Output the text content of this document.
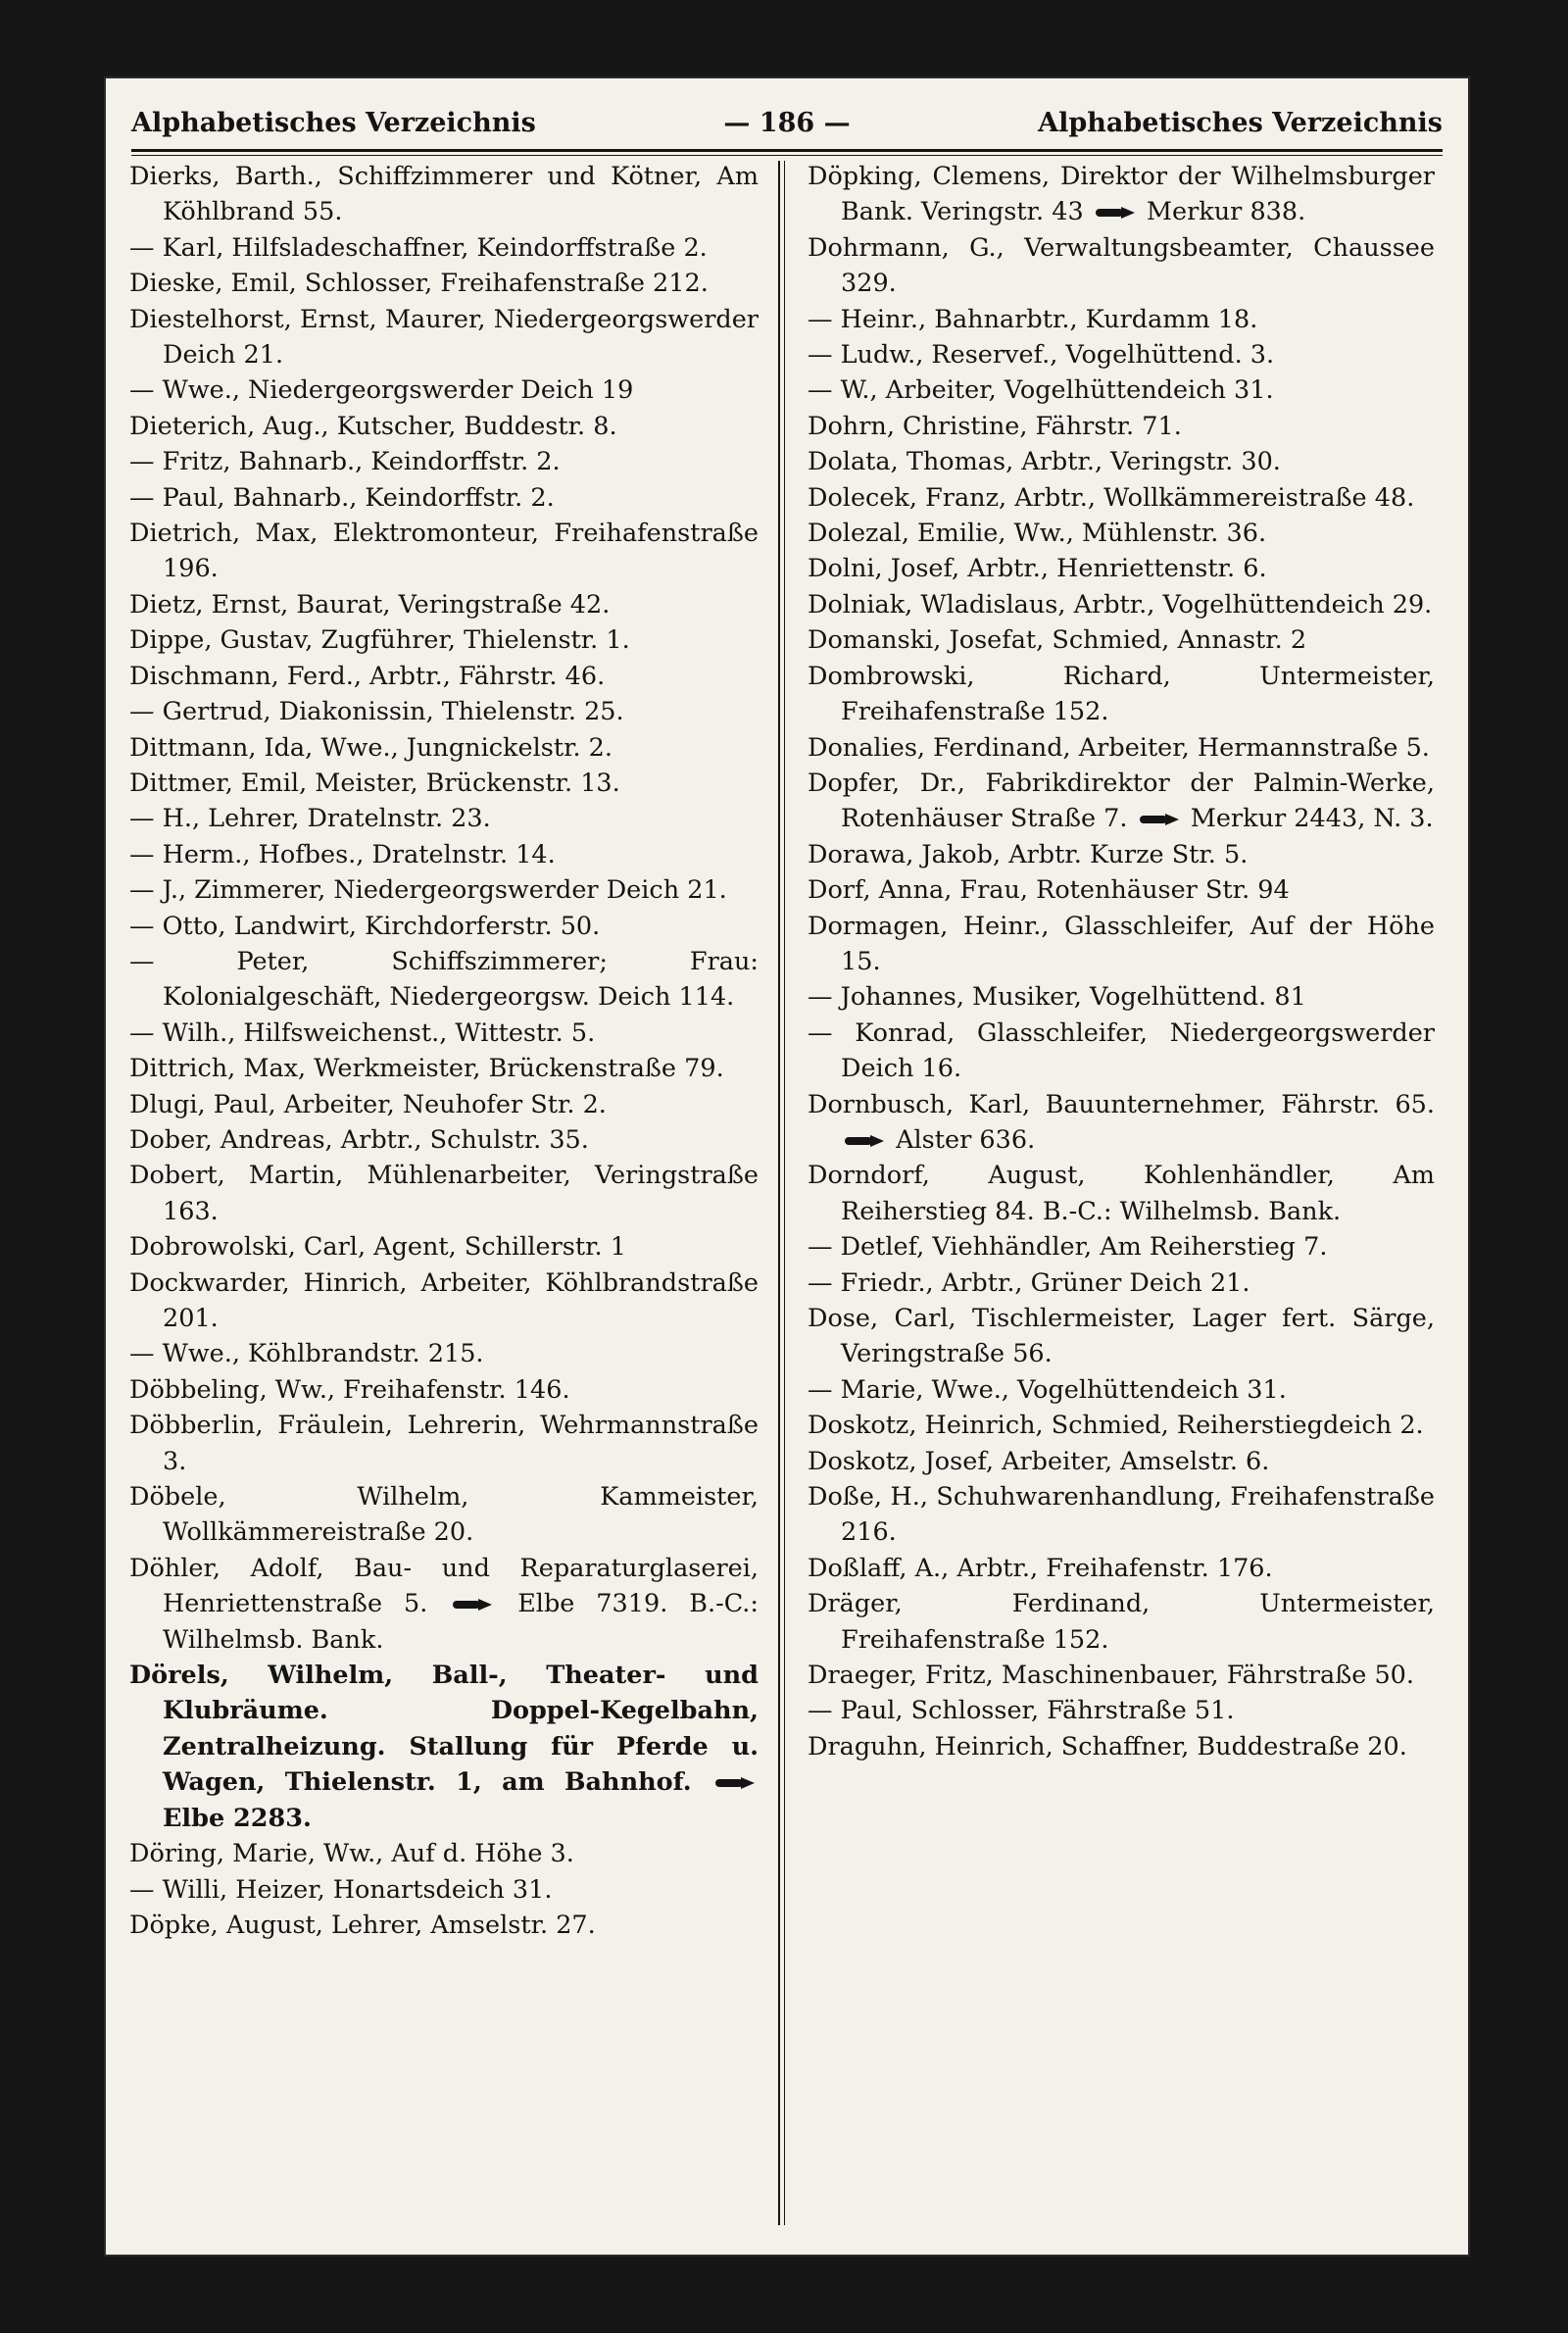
Alphabetisches Verzeichnis	— 186 —	Alphabetisches Verzeichnis
Dierks, Barth., Schiffzimmerer und Kötner, Am Köhlbrand 55.
— Karl, Hilfsladeschaffner, Keindorffstraße 2.
Dieske, Emil, Schlosser, Freihafenstraße 212.
Diestelhorst, Ernst, Maurer, Niedergeorgswerder Deich 21.
— Wwe., Niedergeorgswerder Deich 19
Dieterich, Aug., Kutscher, Buddestr. 8.
— Fritz, Bahnarb., Keindorffstr. 2.
— Paul, Bahnarb., Keindorffstr. 2.
Dietrich, Max, Elektromonteur, Freihafenstraße 196.
Dietz, Ernst, Baurat, Veringstraße 42.
Dippe, Gustav, Zugführer, Thielenstr. 1.
Dischmann, Ferd., Arbtr., Fährstr. 46.
— Gertrud, Diakonissin, Thielenstr. 25.
Dittmann, Ida, Wwe., Jungnickelstr. 2.
Dittmer, Emil, Meister, Brückenstr. 13.
— H., Lehrer, Dratelnstr. 23.
— Herm., Hofbes., Dratelnstr. 14.
— J., Zimmerer, Niedergeorgswerder Deich 21.
— Otto, Landwirt, Kirchdorferstr. 50.
— Peter, Schiffszimmerer; Frau: Kolonialgeschäft, Niedergeorgsw. Deich 114.
— Wilh., Hilfsweichenst., Wittestr. 5.
Dittrich, Max, Werkmeister, Brückenstraße 79.
Dlugi, Paul, Arbeiter, Neuhofer Str. 2.
Dober, Andreas, Arbtr., Schulstr. 35.
Dobert, Martin, Mühlenarbeiter, Veringstraße 163.
Dobrowolski, Carl, Agent, Schillerstr. 1
Dockwarder, Hinrich, Arbeiter, Köhlbrandstraße 201.
— Wwe., Köhlbrandstr. 215.
Döbbeling, Ww., Freihafenstr. 146.
Döbberlin, Fräulein, Lehrerin, Wehrmannstraße 3.
Döbele, Wilhelm, Kammeister, Wollkämmereistraße 20.
Döhler, Adolf, Bau- und Reparaturglaserei, Henriettenstraße 5.	Elbe 7319. B.-C.: Wilhelmsb. Bank.
Dörels, Wilhelm, Ball-, Theater- und Klubräume. Doppel-Kegelbahn, Zentralheizung. Stallung für Pferde u. Wagen, Thielenstr. 1, am Bahnhof.  Elbe 2283.
Döring, Marie, Ww., Auf d. Höhe 3.
— Willi, Heizer, Honartsdeich 31.
Döpke, August, Lehrer, Amselstr. 27.
Döpking, Clemens, Direktor der Wilhelmsburger Bank. Veringstr. 43	Merkur 838.
Dohrmann, G., Verwaltungsbeamter, Chaussee 329.
— Heinr., Bahnarbtr., Kurdamm 18.
— Ludw., Reservef., Vogelhüttend. 3.
— W., Arbeiter, Vogelhüttendeich 31.
Dohrn, Christine, Fährstr. 71.
Dolata, Thomas, Arbtr., Veringstr. 30.
Dolecek, Franz, Arbtr., Wollkämmereistraße 48.
Dolezal, Emilie, Ww., Mühlenstr. 36.
Dolni, Josef, Arbtr., Henriettenstr. 6.
Dolniak, Wladislaus, Arbtr., Vogelhüttendeich 29.
Domanski, Josefat, Schmied, Annastr. 2
Dombrowski, Richard, Untermeister, Freihafenstraße 152.
Donalies, Ferdinand, Arbeiter, Hermannstraße 5.
Dopfer, Dr., Fabrikdirektor der Palmin-Werke, Rotenhäuser Straße 7.	Merkur 2443, N. 3.
Dorawa, Jakob, Arbtr. Kurze Str. 5.
Dorf, Anna, Frau, Rotenhäuser Str. 94
Dormagen, Heinr., Glasschleifer, Auf der Höhe 15.
— Johannes, Musiker, Vogelhüttend. 81
— Konrad, Glasschleifer, Niedergeorgswerder Deich 16.
Dornbusch, Karl, Bauunternehmer, Fährstr. 65.  Alster 636.
Dorndorf, August, Kohlenhändler, Am Reiherstieg 84. B.-C.: Wilhelmsb. Bank.
— Detlef, Viehhändler, Am Reiherstieg 7.
— Friedr., Arbtr., Grüner Deich 21.
Dose, Carl, Tischlermeister, Lager fert. Särge, Veringstraße 56.
— Marie, Wwe., Vogelhüttendeich 31.
Doskotz, Heinrich, Schmied, Reiherstiegdeich 2.
Doskotz, Josef, Arbeiter, Amselstr. 6.
Doße, H., Schuhwarenhandlung, Freihafenstraße 216.
Doßlaff, A., Arbtr., Freihafenstr. 176.
Dräger, Ferdinand, Untermeister, Freihafenstraße 152.
Draeger, Fritz, Maschinenbauer, Fährstraße 50.
— Paul, Schlosser, Fährstraße 51.
Draguhn, Heinrich, Schaffner, Buddestraße 20.
